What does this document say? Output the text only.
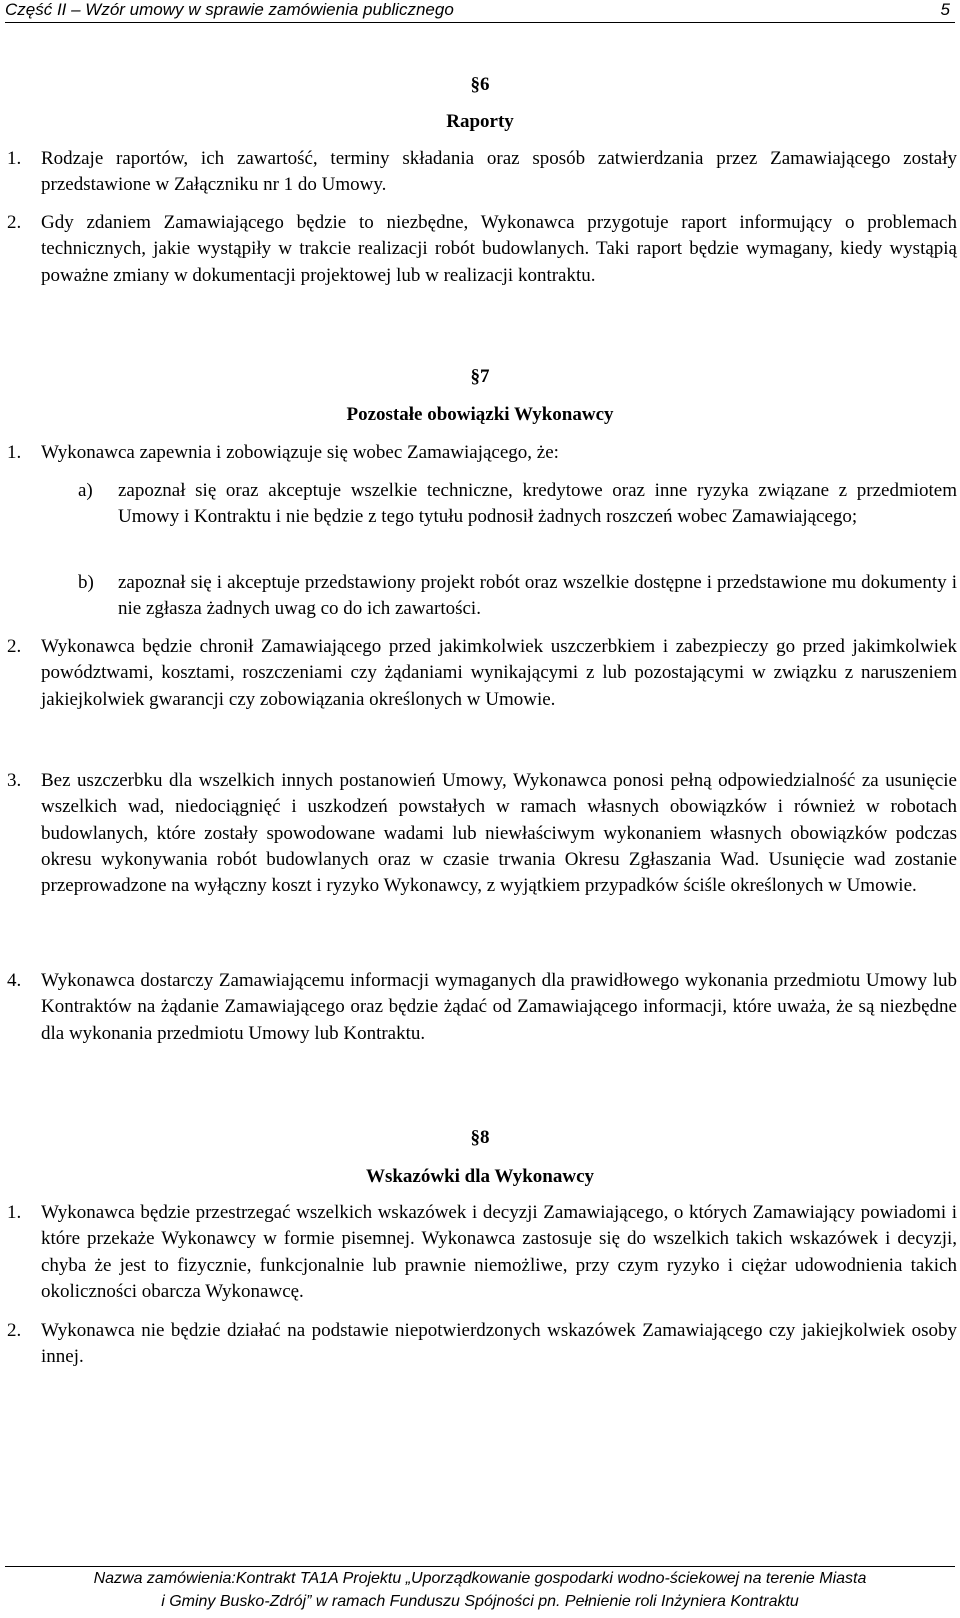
Część II – Wzór umowy w sprawie zamówienia publicznego	5
§6
Raporty
1. Rodzaje raportów, ich zawartość, terminy składania oraz sposób zatwierdzania przez Zamawiającego zostały przedstawione w Załączniku nr 1 do Umowy.
2. Gdy zdaniem Zamawiającego będzie to niezbędne, Wykonawca przygotuje raport informujący o problemach technicznych, jakie wystąpiły w trakcie realizacji robót budowlanych. Taki raport będzie wymagany, kiedy wystąpią poważne zmiany w dokumentacji projektowej lub w realizacji kontraktu.
§7
Pozostałe obowiązki Wykonawcy
1. Wykonawca zapewnia i zobowiązuje się wobec Zamawiającego, że:
a) zapoznał się oraz akceptuje wszelkie techniczne, kredytowe oraz inne ryzyka związane z przedmiotem Umowy i Kontraktu i nie będzie z tego tytułu podnosił żadnych roszczeń wobec Zamawiającego;
b) zapoznał się i akceptuje przedstawiony projekt robót oraz wszelkie dostępne i przedstawione mu dokumenty i nie zgłasza żadnych uwag co do ich zawartości.
2. Wykonawca będzie chronił Zamawiającego przed jakimkolwiek uszczerbkiem i zabezpieczy go przed jakimkolwiek powództwami, kosztami, roszczeniami czy żądaniami wynikającymi z lub pozostającymi w związku z naruszeniem jakiejkolwiek gwarancji czy zobowiązania określonych w Umowie.
3. Bez uszczerbku dla wszelkich innych postanowień Umowy, Wykonawca ponosi pełną odpowiedzialność za usunięcie wszelkich wad, niedociągnięć i uszkodzeń powstałych w ramach własnych obowiązków i również w robotach budowlanych, które zostały spowodowane wadami lub niewłaściwym wykonaniem własnych obowiązków podczas okresu wykonywania robót budowlanych oraz w czasie trwania Okresu Zgłaszania Wad. Usunięcie wad zostanie przeprowadzone na wyłączny koszt i ryzyko Wykonawcy, z wyjątkiem przypadków ściśle określonych w Umowie.
4. Wykonawca dostarczy Zamawiającemu informacji wymaganych dla prawidłowego wykonania przedmiotu Umowy lub Kontraktów na żądanie Zamawiającego oraz będzie żądać od Zamawiającego informacji, które uważa, że są niezbędne dla wykonania przedmiotu Umowy lub Kontraktu.
§8
Wskazówki dla Wykonawcy
1. Wykonawca będzie przestrzegać wszelkich wskazówek i decyzji Zamawiającego, o których Zamawiający powiadomi i które przekaże Wykonawcy w formie pisemnej. Wykonawca zastosuje się do wszelkich takich wskazówek i decyzji, chyba że jest to fizycznie, funkcjonalnie lub prawnie niemożliwe, przy czym ryzyko i ciężar udowodnienia takich okoliczności obarcza Wykonawcę.
2. Wykonawca nie będzie działać na podstawie niepotwierdzonych wskazówek Zamawiającego czy jakiejkolwiek osoby innej.
Nazwa zamówienia:Kontrakt TA1A Projektu „Uporządkowanie gospodarki wodno-ściekowej na terenie Miasta
i Gminy Busko-Zdrój” w ramach Funduszu Spójności pn. Pełnienie roli Inżyniera Kontraktu
